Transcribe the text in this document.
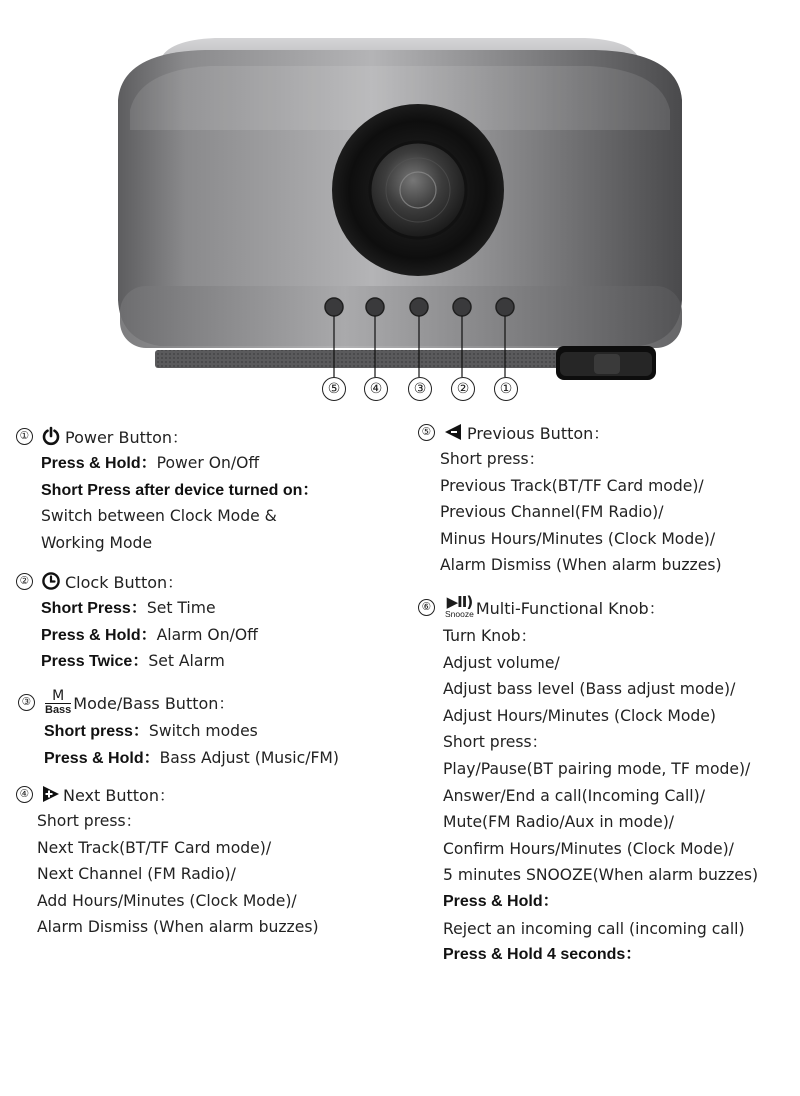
⑤	④	③	②	①
① Power Button：
Press & Hold：Power On/Off
Short Press after device turned on：
Switch between Clock Mode &
Working Mode
② Clock Button：
Short Press：Set Time
Press & Hold：Alarm On/Off
Press Twice：Set Alarm
③ M
Bass Mode/Bass Button：
Short press：Switch modes
Press & Hold：Bass Adjust (Music/FM)
④ Next Button：
Short press：
Next Track(BT/TF Card mode)/
Next Channel (FM Radio)/
Add Hours/Minutes (Clock Mode)/
Alarm Dismiss (When alarm buzzes)
⑤ Previous Button：
Short press：
Previous Track(BT/TF Card mode)/
Previous Channel(FM Radio)/
Minus Hours/Minutes (Clock Mode)/
Alarm Dismiss (When alarm buzzes)
⑥ ▶II)
Snooze Multi-Functional Knob：
Turn Knob：
Adjust volume/
Adjust bass level (Bass adjust mode)/
Adjust Hours/Minutes (Clock Mode)
Short press：
Play/Pause(BT pairing mode, TF mode)/
Answer/End a call(Incoming Call)/
Mute(FM Radio/Aux in mode)/
Confirm Hours/Minutes (Clock Mode)/
5 minutes SNOOZE(When alarm buzzes)
Press & Hold：
Reject an incoming call (incoming call)
Press & Hold 4 seconds：
